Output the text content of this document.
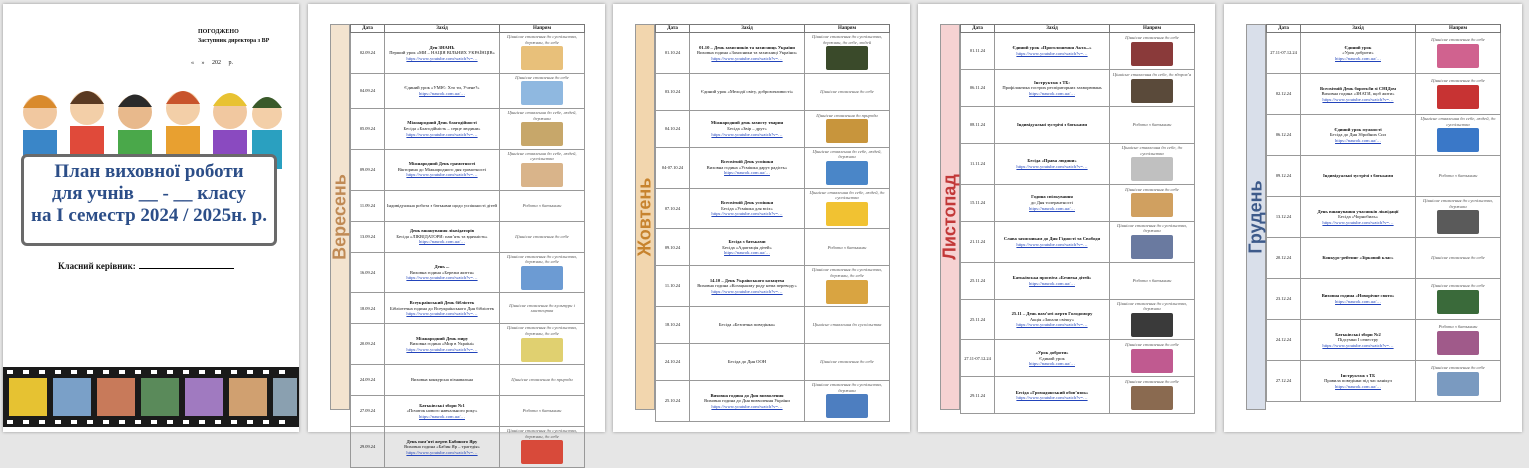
ПОГОДЖЕНО
Заступник директора з ВР
« » 202 р.
План виховної роботи
для учнів __ - __ класу
на І семестр 2024 / 2025н. р.
Класний керівник:
Вересень
Дата	Захід	Напрям
02.09.24	Ден ЗНАНЬ
Перший урок «МИ – НАЦІЯ ВІЛЬНИХ УКРАЇНЦІВ»
https://www.youtube.com/watch?v=…	Ціннісне ставлення до суспільства, держави, до себе

04.09.24	Єдиний урок «УМІЄ: Хто ти, Учене?»
https://naurok.com.ua/…	Ціннісне ставлення до себе

05.09.24	Міжнародний День благодійності
Бесіда «Благодійність – серце людини»
https://www.youtube.com/watch?v=…	Ціннісне ставлення до себе, людей, держави

09.09.24	Міжнародний День грамотності
Вікторина до Міжнародного дня грамотності
https://www.youtube.com/watch?v=…	Ціннісне ставлення до себе, людей, суспільства

11.09.24	Індивідуальна робота з батьками щодо успішності дітей	Робота з батьками

13.09.24	День вшанування ліквідаторів
Бесіда «ЛІКВІДАТОРИ: пам’ять та вдячність»
https://naurok.com.ua/…	Ціннісне ставлення до себе

16.09.24	День ...
Виховна година «Бережи життя»
https://www.youtube.com/watch?v=…	Ціннісне ставлення до суспільства, держави, до себе

18.09.24	Всеукраїнський День бібліотек
Бібліотечна година до Всеукраїнського Дня бібліотек
https://www.youtube.com/watch?v=…	Ціннісне ставлення до культури і мистецтва

20.09.24	Міжнародний День миру
Виховна година «Мир в Україні»
https://www.youtube.com/watch?v=…	Ціннісне ставлення до суспільства, держави, до себе

24.09.24	Виховна конкурсна пізнавальна	Ціннісне ставлення до природи

27.09.24	Батьківські збори №1
«Початок нового навчального року»
https://naurok.com.ua/…	Робота з батьками

29.09.24	День пам’яті жертв Бабиного Яру
Виховна година «Бабин Яр – трагедія»
https://www.youtube.com/watch?v=…	Ціннісне ставлення до суспільства, держави, до себе
Жовтень
Дата	Захід	Напрям
01.10.24	01.10 – День захисників та захисниць України
Виховна година «Захисники та захисниці України»
https://www.youtube.com/watch?v=…	Ціннісне ставлення до суспільства, держави, до себе, людей

03.10.24	Єдиний урок «Мелодії світу, доброзичливості»	Ціннісне ставлення до себе

04.10.24	Міжнародний день захисту тварин
Бесіда «Звір – друг»
https://www.youtube.com/watch?v=…	Ціннісне ставлення до природи

04-07.10.24	Всесвітній День усмішки
Виховна година «Усмішка дарує радість»
https://naurok.com.ua/…	Ціннісне ставлення до себе, людей, держави

07.10.24	Всесвітній День усмішки
Бесіда «Усмішка для всіх»
https://www.youtube.com/watch?v=…	Ціннісне ставлення до себе, людей, до суспільства

09.10.24	Бесіда з батьками
Бесіда «Адаптація дітей»
https://naurok.com.ua/…	Робота з батьками

11.10.24	14.10 – День Українського козацтва
Виховна година «Козацькому роду нема переводу»
https://www.youtube.com/watch?v=…	Ціннісне ставлення до суспільства, держави, до себе

18.10.24	Бесіда «Безпечна поведінка»	Ціннісне ставлення до суспільства

24.10.24	Бесіда до Дня ООН	Ціннісне ставлення до себе

25.10.24	Виховна година до Дня визволення
Виховна година до Дня визволення України
https://www.youtube.com/watch?v=…	Ціннісне ставлення до суспільства, держави
Листопад
Дата	Захід	Напрям
01.11.24	Єдиний урок «Проголошення Акта...»
https://www.youtube.com/watch?v=…	Ціннісне ставлення до себе

06.11.24	Інструктаж з ТБ:
Профілактика гострих респіраторних захворювань
https://naurok.com.ua/…	Ціннісне ставлення до себе, до здоров’я

08.11.24	Індивідуальні зустрічі з батьками	Робота з батьками

11.11.24	Бесіда «Права людини»
https://www.youtube.com/watch?v=…	Ціннісне ставлення до себе, до суспільства

15.11.24	Година спілкування
до Дня толерантності
https://naurok.com.ua/…	Ціннісне ставлення до себе

21.11.24	Слава захисникам до Дня Гідності та Свободи
https://www.youtube.com/watch?v=…	Ціннісне ставлення до суспільства, держави

25.11.24	Батьківська просвіта «Безпека дітей»
https://naurok.com.ua/…	Робота з батьками

25.11.24	25.11 – День пам’яті жертв Голодомору
Акція «Запали свічку»
https://www.youtube.com/watch?v=…	Ціннісне ставлення до суспільства, держави

27.11-07.12.24	«Урок доброти»
Єдиний урок
https://naurok.com.ua/…	Ціннісне ставлення до себе

29.11.24	Бесіда «Громадянський обов’язок»
https://www.youtube.com/watch?v=…	Ціннісне ставлення до себе
Грудень
Дата	Захід	Напрям
27.11-07.12.24	Єдиний урок
«Урок доброти»
https://naurok.com.ua/…	Ціннісне ставлення до себе

02.12.24	Всесвітній День боротьби зі СНІДом
Виховна година «ЗНАТИ, щоб жити»
https://www.youtube.com/watch?v=…	Ціннісне ставлення до себе

06.12.24	Єдиний урок мужності
Бесіда до Дня Збройних Сил
https://naurok.com.ua/…	Ціннісне ставлення до себе, людей, до суспільства

09.12.24	Індивідуальні зустрічі з батьками	Робота з батьками

13.12.24	День вшанування учасників ліквідації
Бесіда «Чорнобиль»
https://www.youtube.com/watch?v=…	Ціннісне ставлення до суспільства, держави

20.12.24	Конкурс-рейтинг «Зірковий клас»	Ціннісне ставлення до себе

23.12.24	Виховна година «Новорічне свято»
https://naurok.com.ua/…	Ціннісне ставлення до себе

24.12.24	Батьківські збори №2
Підсумки І семестру
https://www.youtube.com/watch?v=…	Робота з батьками

27.12.24	Інструктаж з ТБ
Правила поведінки під час канікул
https://naurok.com.ua/…	Ціннісне ставлення до себе
